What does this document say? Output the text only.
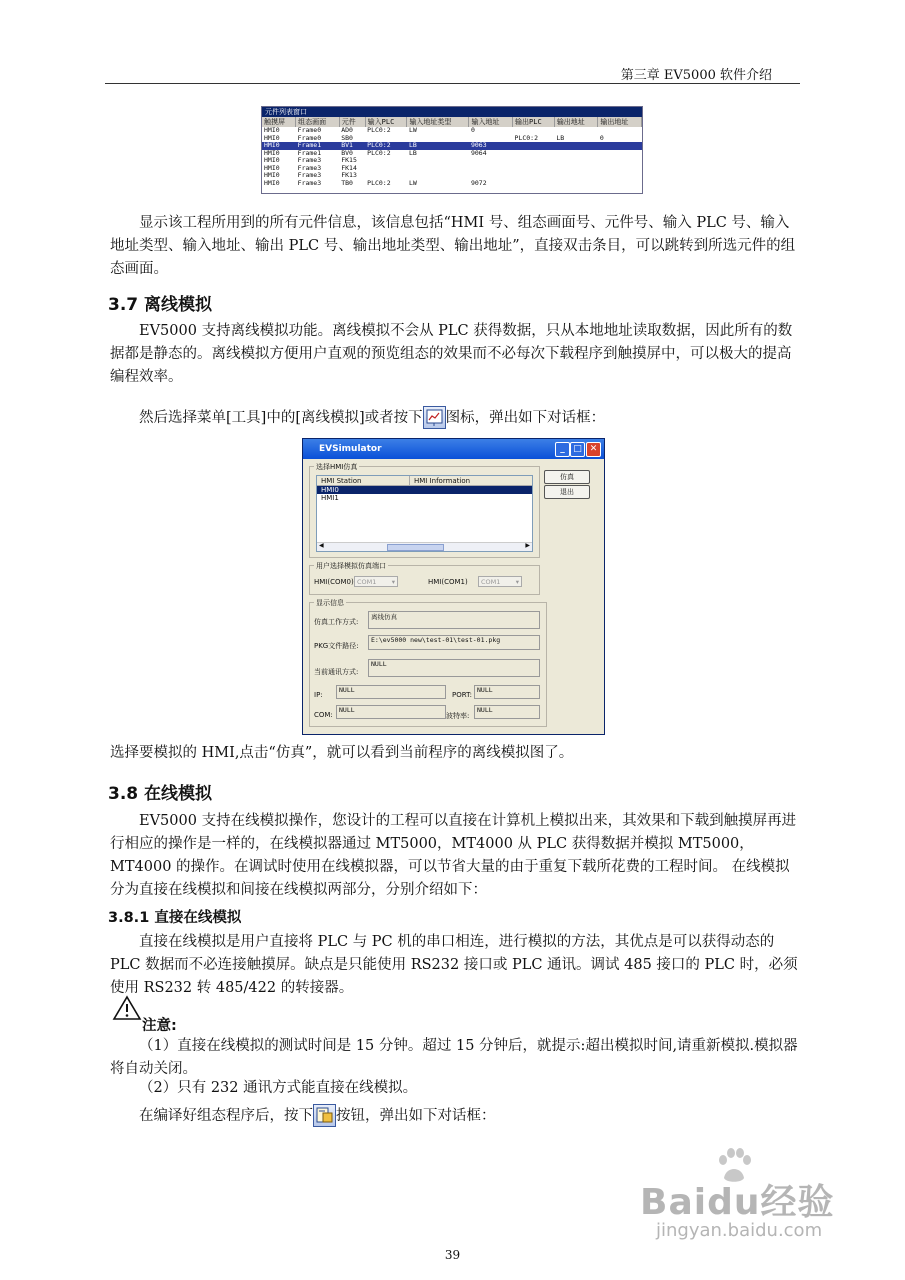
第三章 EV5000 软件介绍
元件列表窗口
触摸屏	组态画面	元件	输入PLC	输入地址类型	输入地址	输出PLC	输出地址	输出地址
HMI0	Frame0	AD0	PLC0:2	LW	0			
HMI0	Frame0	SB0				PLC0:2	LB	0
HMI0	Frame1	BV1	PLC0:2	LB	9063			
HMI0	Frame1	BV0	PLC0:2	LB	9064			
HMI0	Frame3	FK15						
HMI0	Frame3	FK14						
HMI0	Frame3	FK13						
HMI0	Frame3	TB0	PLC0:2	LW	9072			

显示该工程所用到的所有元件信息，该信息包括“HMI 号、组态画面号、元件号、输入 PLC 号、输入地址类型、输入地址、输出 PLC 号、输出地址类型、输出地址”，直接双击条目，可以跳转到所选元件的组态画面。

3.7 离线模拟

EV5000 支持离线模拟功能。离线模拟不会从 PLC 获得数据，只从本地地址读取数据，因此所有的数据都是静态的。离线模拟方便用户直观的预览组态的效果而不必每次下载程序到触摸屏中，可以极大的提高编程效率。

然后选择菜单[工具]中的[离线模拟]或者按下 图标，弹出如下对话框：

EVSimulator	_ □ ✕
选择HMI仿真
HMI Station	HMI Information
HMI0
HMI1
◀	▶
仿真
退出
用户选择模拟仿真端口
HMI(COM0) COM1 ▾	HMI(COM1)	COM1 ▾
显示信息
仿真工作方式:
离线仿真
PKG文件路径:
E:\ev5000 new\test-01\test-01.pkg
当前通讯方式:
NULL
IP:
NULL
PORT:
NULL
COM:
NULL
波特率:
NULL

选择要模拟的 HMI,点击“仿真”，就可以看到当前程序的离线模拟图了。

3.8 在线模拟

EV5000 支持在线模拟操作，您设计的工程可以直接在计算机上模拟出来，其效果和下载到触摸屏再进行相应的操作是一样的，在线模拟器通过 MT5000，MT4000 从 PLC 获得数据并模拟 MT5000，MT4000 的操作。在调试时使用在线模拟器，可以节省大量的由于重复下载所花费的工程时间。 在线模拟分为直接在线模拟和间接在线模拟两部分，分别介绍如下：

3.8.1 直接在线模拟

直接在线模拟是用户直接将 PLC 与 PC 机的串口相连，进行模拟的方法，其优点是可以获得动态的 PLC 数据而不必连接触摸屏。缺点是只能使用 RS232 接口或 PLC 通讯。调试 485 接口的 PLC 时，必须使用 RS232 转 485/422 的转接器。

注意:

（1）直接在线模拟的测试时间是 15 分钟。超过 15 分钟后，就提示:超出模拟时间,请重新模拟.模拟器将自动关闭。

（2）只有 232 通讯方式能直接在线模拟。

在编译好组态程序后，按下 按钮，弹出如下对话框：

Baidu经验
jingyan.baidu.com
39
